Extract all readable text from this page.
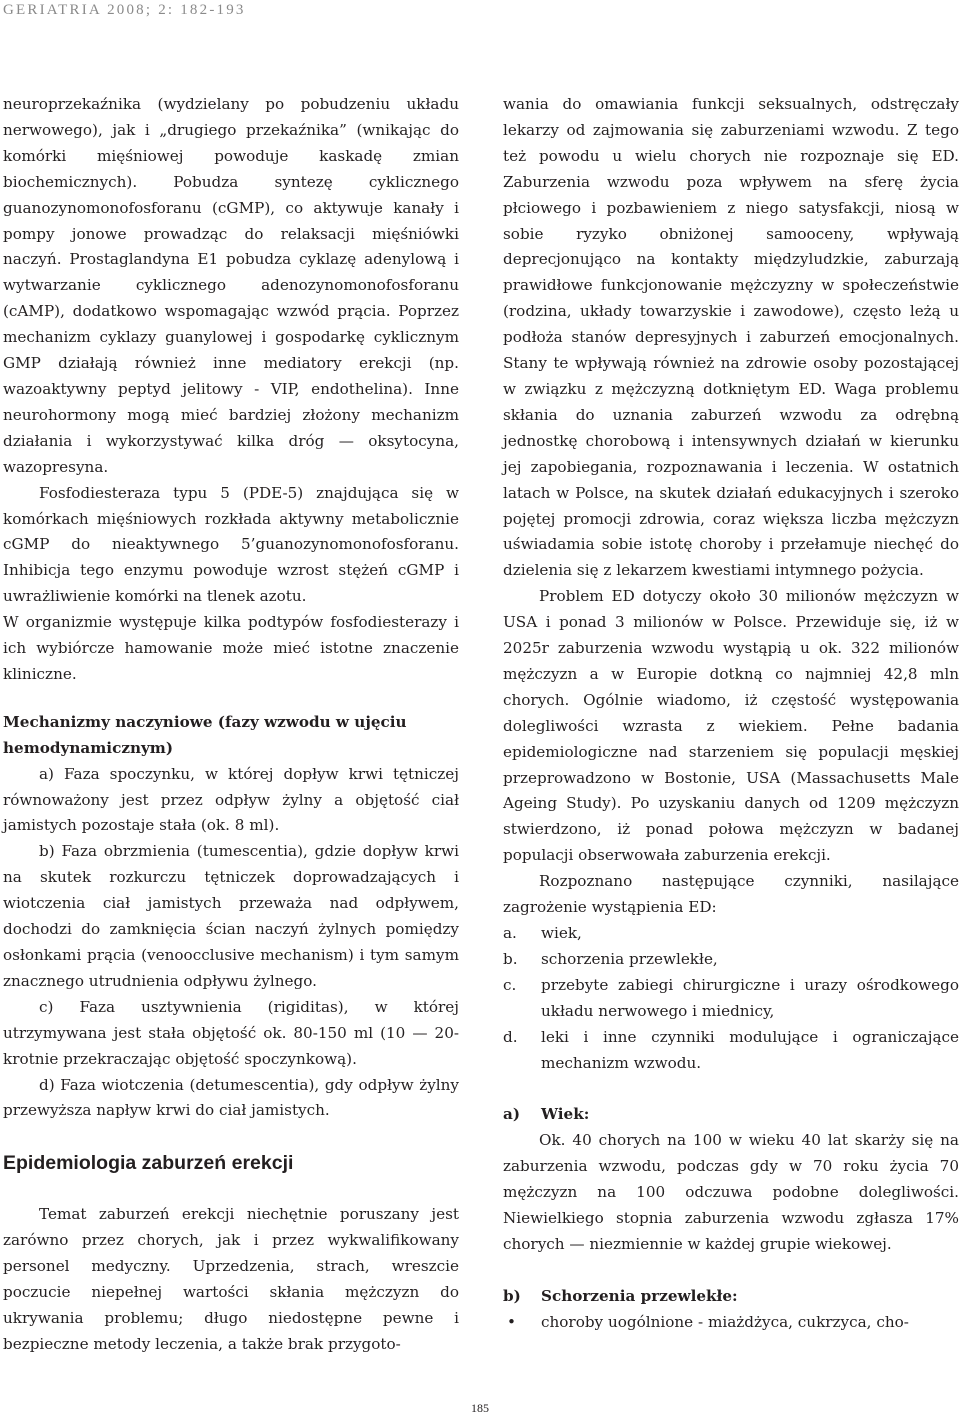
GERIATRIA 2008; 2: 182-193

neuroprzekaźnika (wydzielany po pobudzeniu układu nerwowego), jak i „drugiego przekaźnika” (wnikając do komórki mięśniowej powoduje kaskadę zmian biochemicznych). Pobudza syntezę cyklicznego guanozynomonofosforanu (cGMP), co aktywuje kanały i pompy jonowe prowadząc do relaksacji mięśniówki naczyń. Prostaglandyna E1 pobudza cyklazę adenylową i wytwarzanie cyklicznego adenozynomonofosforanu (cAMP), dodatkowo wspomagając wzwód prącia. Poprzez mechanizm cyklazy guanylowej i gospodarkę cyklicznym GMP działają również inne mediatory erekcji (np. wazoaktywny peptyd jelitowy - VIP, endothelina). Inne neurohormony mogą mieć bardziej złożony mechanizm działania i wykorzystywać kilka dróg — oksytocyna, wazopresyna.

Fosfodiesteraza typu 5 (PDE-5) znajdująca się w komórkach mięśniowych rozkłada aktywny metabolicznie cGMP do nieaktywnego 5’guanozynomonofosforanu. Inhibicja tego enzymu powoduje wzrost stężeń cGMP i uwrażliwienie komórki na tlenek azotu.

W organizmie występuje kilka podtypów fosfodiesterazy i ich wybiórcze hamowanie może mieć istotne znaczenie kliniczne.

Mechanizmy naczyniowe (fazy wzwodu w ujęciu hemodynamicznym)

a) Faza spoczynku, w której dopływ krwi tętniczej równoważony jest przez odpływ żylny a objętość ciał jamistych pozostaje stała (ok. 8 ml).

b) Faza obrzmienia (tumescentia), gdzie dopływ krwi na skutek rozkurczu tętniczek doprowadzających i wiotczenia ciał jamistych przeważa nad odpływem, dochodzi do zamknięcia ścian naczyń żylnych pomiędzy osłonkami prącia (venoocclusive mechanism) i tym samym znacznego utrudnienia odpływu żylnego.

c) Faza usztywnienia (rigiditas), w której utrzymywana jest stała objętość ok. 80-150 ml (10 — 20-krotnie przekraczając objętość spoczynkową).

d) Faza wiotczenia (detumescentia), gdy odpływ żylny przewyższa napływ krwi do ciał jamistych.

Epidemiologia zaburzeń erekcji

Temat zaburzeń erekcji niechętnie poruszany jest zarówno przez chorych, jak i przez wykwalifikowany personel medyczny. Uprzedzenia, strach, wreszcie poczucie niepełnej wartości skłania mężczyzn do ukrywania problemu; długo niedostępne pewne i bezpieczne metody leczenia, a także brak przygoto-

wania do omawiania funkcji seksualnych, odstręczały lekarzy od zajmowania się zaburzeniami wzwodu. Z tego też powodu u wielu chorych nie rozpoznaje się ED. Zaburzenia wzwodu poza wpływem na sferę życia płciowego i pozbawieniem z niego satysfakcji, niosą w sobie ryzyko obniżonej samooceny, wpływają deprecjonująco na kontakty międzyludzkie, zaburzają prawidłowe funkcjonowanie mężczyzny w społeczeństwie (rodzina, układy towarzyskie i zawodowe), często leżą u podłoża stanów depresyjnych i zaburzeń emocjonalnych. Stany te wpływają również na zdrowie osoby pozostającej w związku z mężczyzną dotkniętym ED. Waga problemu skłania do uznania zaburzeń wzwodu za odrębną jednostkę chorobową i intensywnych działań w kierunku jej zapobiegania, rozpoznawania i leczenia. W ostatnich latach w Polsce, na skutek działań edukacyjnych i szeroko pojętej promocji zdrowia, coraz większa liczba mężczyzn uświadamia sobie istotę choroby i przełamuje niechęć do dzielenia się z lekarzem kwestiami intymnego pożycia.

Problem ED dotyczy około 30 milionów mężczyzn w USA i ponad 3 milionów w Polsce. Przewiduje się, iż w 2025r zaburzenia wzwodu wystąpią u ok. 322 milionów mężczyzn a w Europie dotkną co najmniej 42,8 mln chorych. Ogólnie wiadomo, iż częstość występowania dolegliwości wzrasta z wiekiem. Pełne badania epidemiologiczne nad starzeniem się populacji męskiej przeprowadzono w Bostonie, USA (Massachusetts Male Ageing Study). Po uzyskaniu danych od 1209 mężczyzn stwierdzono, iż ponad połowa mężczyzn w badanej populacji obserwowała zaburzenia erekcji.

Rozpoznano następujące czynniki, nasilające zagrożenie wystąpienia ED:

a. wiek,
b. schorzenia przewlekłe,
c. przebyte zabiegi chirurgiczne i urazy ośrodkowego układu nerwowego i miednicy,
d. leki i inne czynniki modulujące i ograniczające mechanizm wzwodu.
a) Wiek:

Ok. 40 chorych na 100 w wieku 40 lat skarży się na zaburzenia wzwodu, podczas gdy w 70 roku życia 70 mężczyzn na 100 odczuwa podobne dolegliwości. Niewielkiego stopnia zaburzenia wzwodu zgłasza 17% chorych — niezmiennie w każdej grupie wiekowej.

b) Schorzenia przewlekłe:
• choroby uogólnione - miażdżyca, cukrzyca, cho-
185
